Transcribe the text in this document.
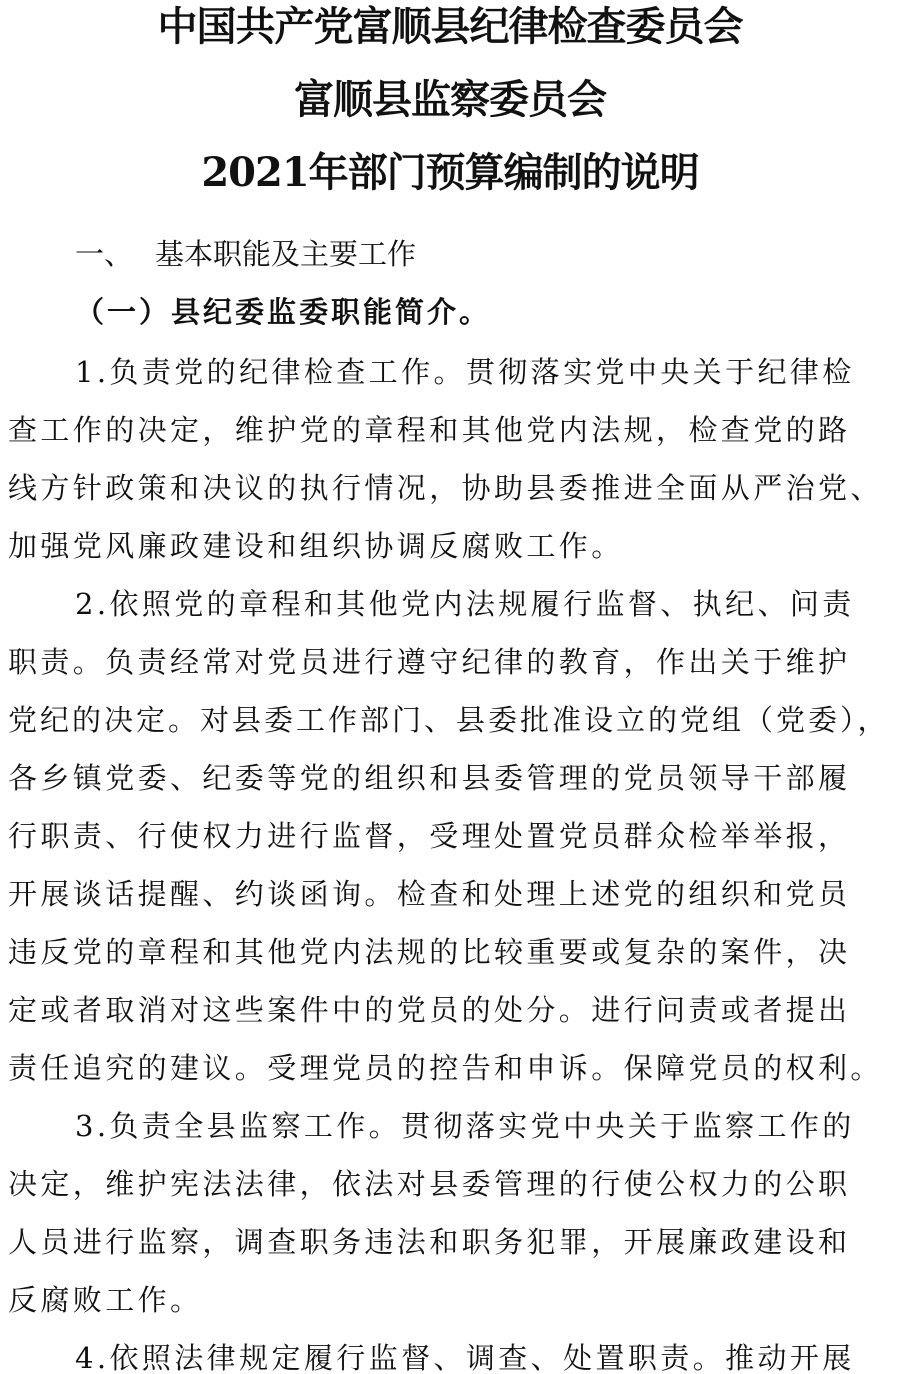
中国共产党富顺县纪律检查委员会
富顺县监察委员会
2021年部门预算编制的说明
一、 基本职能及主要工作
（一）县纪委监委职能简介。
1.负责党的纪律检查工作。贯彻落实党中央关于纪律检
查工作的决定，维护党的章程和其他党内法规，检查党的路
线方针政策和决议的执行情况，协助县委推进全面从严治党、
加强党风廉政建设和组织协调反腐败工作。
2.依照党的章程和其他党内法规履行监督、执纪、问责
职责。负责经常对党员进行遵守纪律的教育，作出关于维护
党纪的决定。对县委工作部门、县委批准设立的党组（党委），
各乡镇党委、纪委等党的组织和县委管理的党员领导干部履
行职责、行使权力进行监督，受理处置党员群众检举举报，
开展谈话提醒、约谈函询。检查和处理上述党的组织和党员
违反党的章程和其他党内法规的比较重要或复杂的案件，决
定或者取消对这些案件中的党员的处分。进行问责或者提出
责任追究的建议。受理党员的控告和申诉。保障党员的权利。
3.负责全县监察工作。贯彻落实党中央关于监察工作的
决定，维护宪法法律，依法对县委管理的行使公权力的公职
人员进行监察，调查职务违法和职务犯罪，开展廉政建设和
反腐败工作。
4.依照法律规定履行监督、调查、处置职责。推动开展
